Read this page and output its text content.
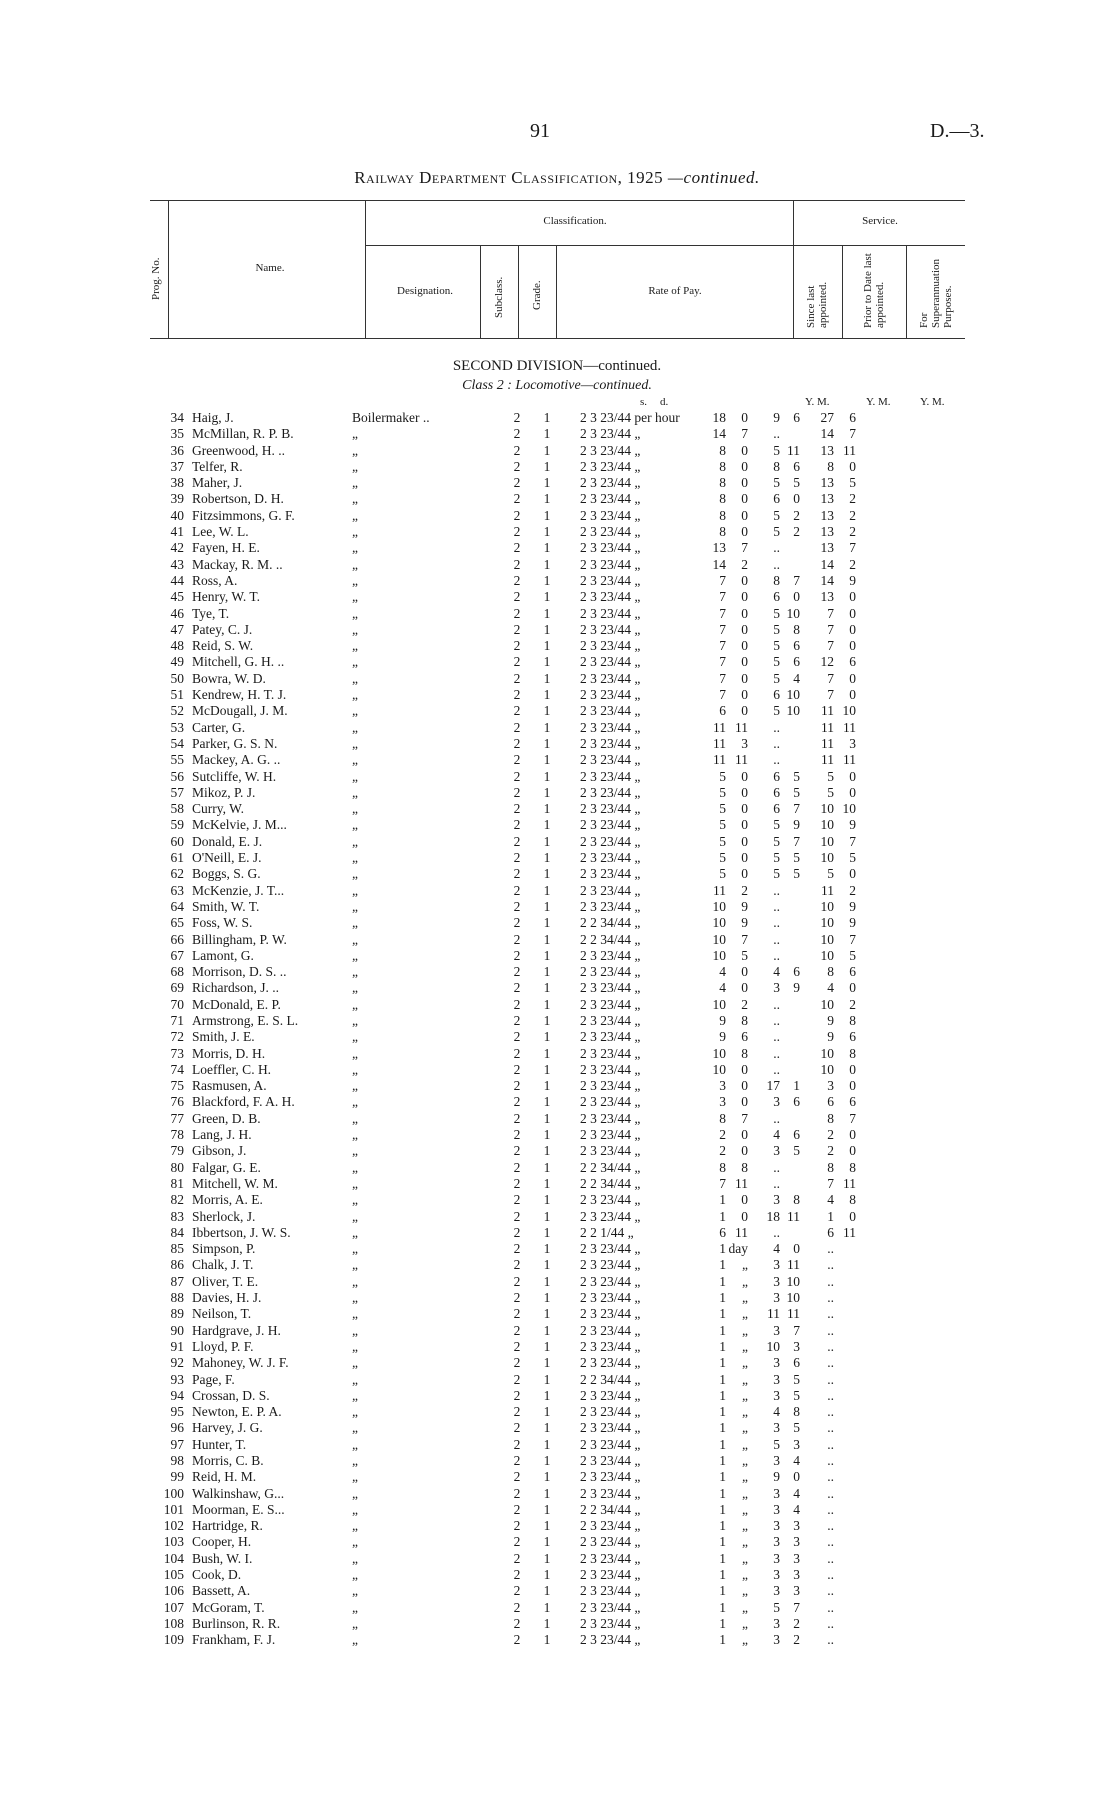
91	D.—3.
Railway Department Classification, 1925 —continued.
Prog. No.	Name.
Classification.
Designation.	Subclass. Grade.	Rate of Pay.
Service.
Since last appointed.	Prior to Date last appointed.	For Superannuation Purposes.
SECOND DIVISION—continued.
Class 2 : Locomotive—continued.
s. d.	Y. M.	Y. M.	Y. M.
34	Haig, J.	Boilermaker ..	2	1	2 3 23/44 per hour	18	0	9	6	27	6
35	McMillan, R. P. B.	„	2	1	2 3 23/44 „	14	7	..		14	7
36	Greenwood, H. ..	„	2	1	2 3 23/44 „	8	0	5	11	13	11
37	Telfer, R.	„	2	1	2 3 23/44 „	8	0	8	6	8	0
38	Maher, J.	„	2	1	2 3 23/44 „	8	0	5	5	13	5
39	Robertson, D. H.	„	2	1	2 3 23/44 „	8	0	6	0	13	2
40	Fitzsimmons, G. F.	„	2	1	2 3 23/44 „	8	0	5	2	13	2
41	Lee, W. L.	„	2	1	2 3 23/44 „	8	0	5	2	13	2
42	Fayen, H. E.	„	2	1	2 3 23/44 „	13	7	..		13	7
43	Mackay, R. M. ..	„	2	1	2 3 23/44 „	14	2	..		14	2
44	Ross, A.	„	2	1	2 3 23/44 „	7	0	8	7	14	9
45	Henry, W. T.	„	2	1	2 3 23/44 „	7	0	6	0	13	0
46	Tye, T.	„	2	1	2 3 23/44 „	7	0	5	10	7	0
47	Patey, C. J.	„	2	1	2 3 23/44 „	7	0	5	8	7	0
48	Reid, S. W.	„	2	1	2 3 23/44 „	7	0	5	6	7	0
49	Mitchell, G. H. ..	„	2	1	2 3 23/44 „	7	0	5	6	12	6
50	Bowra, W. D.	„	2	1	2 3 23/44 „	7	0	5	4	7	0
51	Kendrew, H. T. J.	„	2	1	2 3 23/44 „	7	0	6	10	7	0
52	McDougall, J. M.	„	2	1	2 3 23/44 „	6	0	5	10	11	10
53	Carter, G.	„	2	1	2 3 23/44 „	11	11	..		11	11
54	Parker, G. S. N.	„	2	1	2 3 23/44 „	11	3	..		11	3
55	Mackey, A. G. ..	„	2	1	2 3 23/44 „	11	11	..		11	11
56	Sutcliffe, W. H.	„	2	1	2 3 23/44 „	5	0	6	5	5	0
57	Mikoz, P. J.	„	2	1	2 3 23/44 „	5	0	6	5	5	0
58	Curry, W.	„	2	1	2 3 23/44 „	5	0	6	7	10	10
59	McKelvie, J. M...	„	2	1	2 3 23/44 „	5	0	5	9	10	9
60	Donald, E. J.	„	2	1	2 3 23/44 „	5	0	5	7	10	7
61	O'Neill, E. J.	„	2	1	2 3 23/44 „	5	0	5	5	10	5
62	Boggs, S. G.	„	2	1	2 3 23/44 „	5	0	5	5	5	0
63	McKenzie, J. T...	„	2	1	2 3 23/44 „	11	2	..		11	2
64	Smith, W. T.	„	2	1	2 3 23/44 „	10	9	..		10	9
65	Foss, W. S.	„	2	1	2 2 34/44 „	10	9	..		10	9
66	Billingham, P. W.	„	2	1	2 2 34/44 „	10	7	..		10	7
67	Lamont, G.	„	2	1	2 3 23/44 „	10	5	..		10	5
68	Morrison, D. S. ..	„	2	1	2 3 23/44 „	4	0	4	6	8	6
69	Richardson, J. ..	„	2	1	2 3 23/44 „	4	0	3	9	4	0
70	McDonald, E. P.	„	2	1	2 3 23/44 „	10	2	..		10	2
71	Armstrong, E. S. L.	„	2	1	2 3 23/44 „	9	8	..		9	8
72	Smith, J. E.	„	2	1	2 3 23/44 „	9	6	..		9	6
73	Morris, D. H.	„	2	1	2 3 23/44 „	10	8	..		10	8
74	Loeffler, C. H.	„	2	1	2 3 23/44 „	10	0	..		10	0
75	Rasmusen, A.	„	2	1	2 3 23/44 „	3	0	17	1	3	0
76	Blackford, F. A. H.	„	2	1	2 3 23/44 „	3	0	3	6	6	6
77	Green, D. B.	„	2	1	2 3 23/44 „	8	7	..		8	7
78	Lang, J. H.	„	2	1	2 3 23/44 „	2	0	4	6	2	0
79	Gibson, J.	„	2	1	2 3 23/44 „	2	0	3	5	2	0
80	Falgar, G. E.	„	2	1	2 2 34/44 „	8	8	..		8	8
81	Mitchell, W. M.	„	2	1	2 2 34/44 „	7	11	..		7	11
82	Morris, A. E.	„	2	1	2 3 23/44 „	1	0	3	8	4	8
83	Sherlock, J.	„	2	1	2 3 23/44 „	1	0	18	11	1	0
84	Ibbertson, J. W. S.	„	2	1	2 2 1/44 „	6	11	..		6	11
85	Simpson, P.	„	2	1	2 3 23/44 „	1	day	4	0	..	
86	Chalk, J. T.	„	2	1	2 3 23/44 „	1	„	3	11	..	
87	Oliver, T. E.	„	2	1	2 3 23/44 „	1	„	3	10	..	
88	Davies, H. J.	„	2	1	2 3 23/44 „	1	„	3	10	..	
89	Neilson, T.	„	2	1	2 3 23/44 „	1	„	11	11	..	
90	Hardgrave, J. H.	„	2	1	2 3 23/44 „	1	„	3	7	..	
91	Lloyd, P. F.	„	2	1	2 3 23/44 „	1	„	10	3	..	
92	Mahoney, W. J. F.	„	2	1	2 3 23/44 „	1	„	3	6	..	
93	Page, F.	„	2	1	2 2 34/44 „	1	„	3	5	..	
94	Crossan, D. S.	„	2	1	2 3 23/44 „	1	„	3	5	..	
95	Newton, E. P. A.	„	2	1	2 3 23/44 „	1	„	4	8	..	
96	Harvey, J. G.	„	2	1	2 3 23/44 „	1	„	3	5	..	
97	Hunter, T.	„	2	1	2 3 23/44 „	1	„	5	3	..	
98	Morris, C. B.	„	2	1	2 3 23/44 „	1	„	3	4	..	
99	Reid, H. M.	„	2	1	2 3 23/44 „	1	„	9	0	..	
100	Walkinshaw, G...	„	2	1	2 3 23/44 „	1	„	3	4	..	
101	Moorman, E. S...	„	2	1	2 2 34/44 „	1	„	3	4	..	
102	Hartridge, R.	„	2	1	2 3 23/44 „	1	„	3	3	..	
103	Cooper, H.	„	2	1	2 3 23/44 „	1	„	3	3	..	
104	Bush, W. I.	„	2	1	2 3 23/44 „	1	„	3	3	..	
105	Cook, D.	„	2	1	2 3 23/44 „	1	„	3	3	..	
106	Bassett, A.	„	2	1	2 3 23/44 „	1	„	3	3	..	
107	McGoram, T.	„	2	1	2 3 23/44 „	1	„	5	7	..	
108	Burlinson, R. R.	„	2	1	2 3 23/44 „	1	„	3	2	..	
109	Frankham, F. J.	„	2	1	2 3 23/44 „	1	„	3	2	..	
